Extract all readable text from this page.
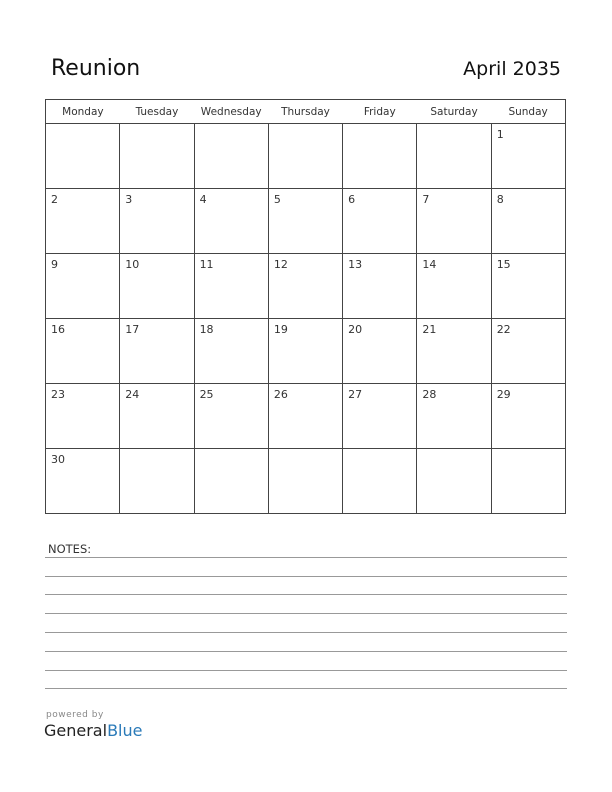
Reunion	April 2035
Monday	Tuesday	Wednesday	Thursday	Friday	Saturday	Sunday

						1

2	3	4	5	6	7	8

9	10	11	12	13	14	15

16	17	18	19	20	21	22

23	24	25	26	27	28	29

30						

NOTES:
powered by
GeneralBlue
